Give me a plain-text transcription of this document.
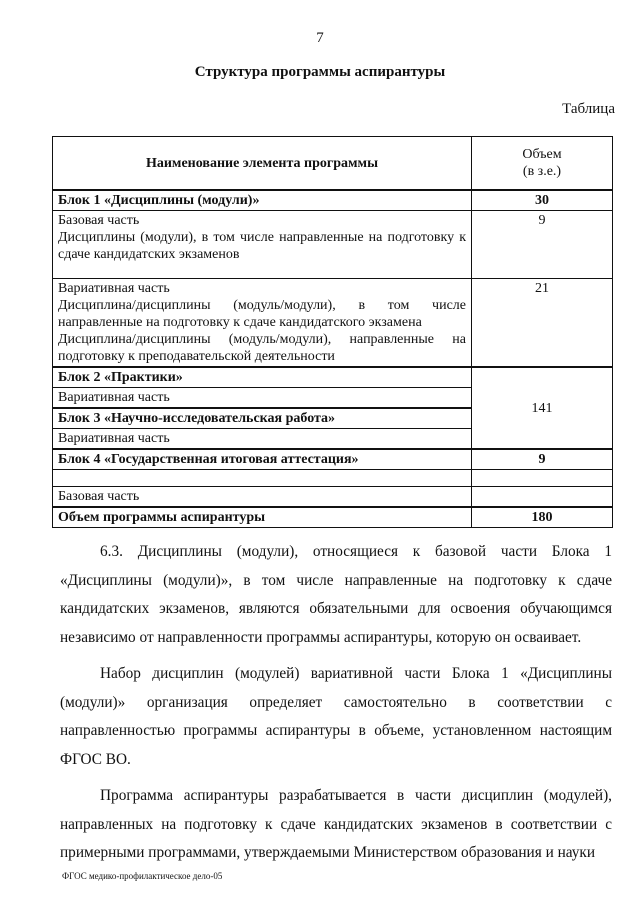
7
Структура программы аспирантуры
Таблица
Наименование элемента программы	Объем
(в з.е.)

Блок 1 «Дисциплины (модули)»	30

Базовая часть
Дисциплины (модули), в том числе направленные на подготовку к сдаче кандидатских экзаменов	9

Вариативная часть
Дисциплина/дисциплины (модуль/модули), в том числе направленные на подготовку к сдаче кандидатского экзамена
Дисциплина/дисциплины (модуль/модули), направленные на подготовку к преподавательской деятельности	21
Блок 2 «Практики»	141
Вариативная часть	
Блок 3 «Научно-исследовательская работа»	
Вариативная часть	
Блок 4 «Государственная итоговая аттестация»	9

Базовая часть	
Объем программы аспирантуры	180

6.3. Дисциплины (модули), относящиеся к базовой части Блока 1 «Дисциплины (модули)», в том числе направленные на подготовку к сдаче кандидатских экзаменов, являются обязательными для освоения обучающимся независимо от направленности программы аспирантуры, которую он осваивает.

Набор дисциплин (модулей) вариативной части Блока 1 «Дисциплины (модули)» организация определяет самостоятельно в соответствии с направленностью программы аспирантуры в объеме, установленном настоящим ФГОС ВО.

Программа аспирантуры разрабатывается в части дисциплин (модулей), направленных на подготовку к сдаче кандидатских экзаменов в соответствии с примерными программами, утверждаемыми Министерством образования и науки

ФГОС медико-профилактическое дело-05
